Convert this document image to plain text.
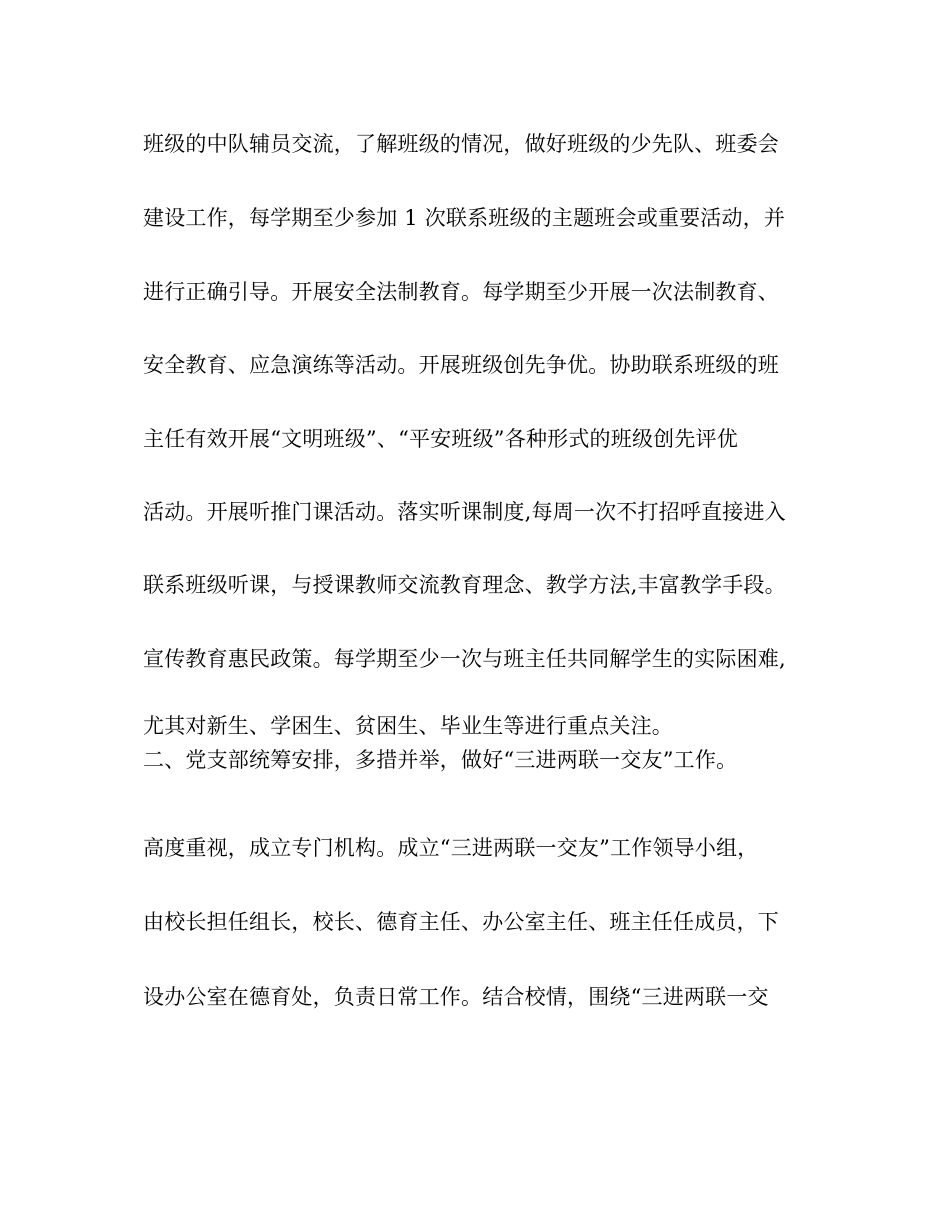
班级的中队辅员交流，了解班级的情况，做好班级的少先队、班委会
建设工作，每学期至少参加 1 次联系班级的主题班会或重要活动，并
进行正确引导。开展安全法制教育。每学期至少开展一次法制教育、
安全教育、应急演练等活动。开展班级创先争优。协助联系班级的班
主任有效开展“文明班级”、“平安班级”各种形式的班级创先评优
活动。开展听推门课活动。落实听课制度,每周一次不打招呼直接进入
联系班级听课，与授课教师交流教育理念、教学方法,丰富教学手段。
宣传教育惠民政策。每学期至少一次与班主任共同解学生的实际困难,
尤其对新生、学困生、贫困生、毕业生等进行重点关注。
二、党支部统筹安排，多措并举，做好“三进两联一交友”工作。
高度重视，成立专门机构。成立“三进两联一交友”工作领导小组，
由校长担任组长，校长、德育主任、办公室主任、班主任任成员，下
设办公室在德育处，负责日常工作。结合校情，围绕“三进两联一交
